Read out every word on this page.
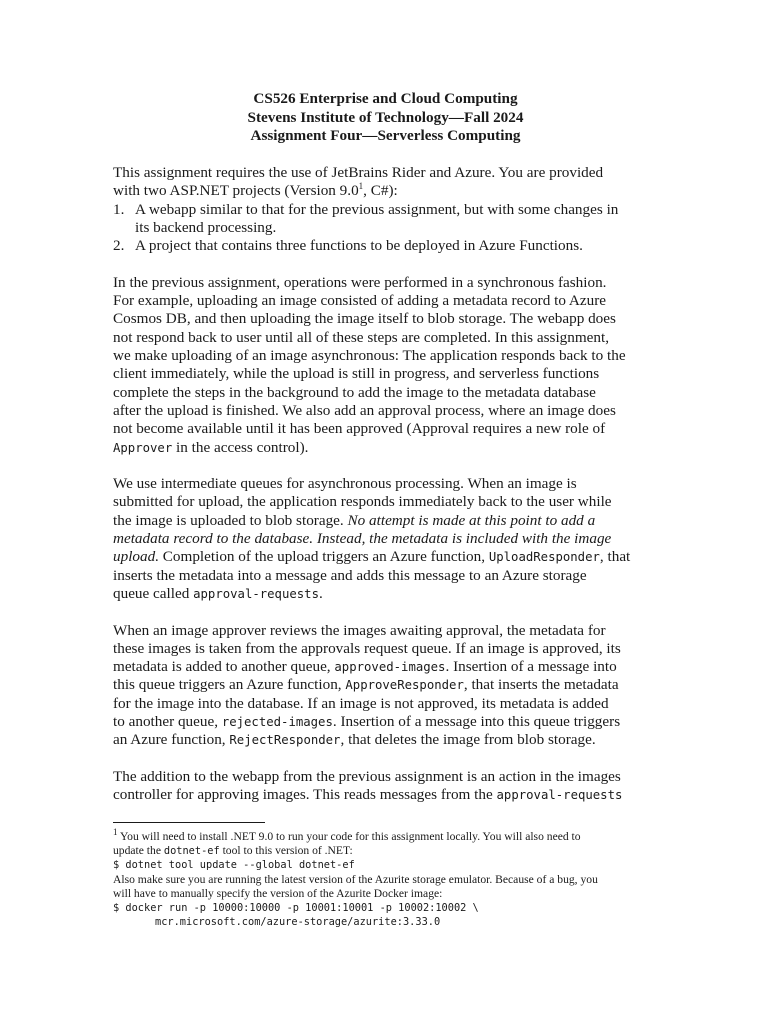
CS526 Enterprise and Cloud Computing
Stevens Institute of Technology—Fall 2024
Assignment Four—Serverless Computing

This assignment requires the use of JetBrains Rider and Azure. You are provided
with two ASP.NET projects (Version $9.0^1$, C#):

1. A webapp similar to that for the previous assignment, but with some changes in
its backend processing.
2. A project that contains three functions to be deployed in Azure Functions.

In the previous assignment, operations were performed in a synchronous fashion.
For example, uploading an image consisted of adding a metadata record to Azure
Cosmos DB, and then uploading the image itself to blob storage. The webapp does
not respond back to user until all of these steps are completed. In this assignment,
we make uploading of an image asynchronous: The application responds back to the
client immediately, while the upload is still in progress, and serverless functions
complete the steps in the background to add the image to the metadata database
after the upload is finished. We also add an approval process, where an image does
not become available until it has been approved (Approval requires a new role of
Approver in the access control).

We use intermediate queues for asynchronous processing. When an image is
submitted for upload, the application responds immediately back to the user while
the image is uploaded to blob storage. No attempt is made at this point to add a
metadata record to the database. Instead, the metadata is included with the image
upload. Completion of the upload triggers an Azure function, UploadResponder, that
inserts the metadata into a message and adds this message to an Azure storage
queue called approval-requests.

When an image approver reviews the images awaiting approval, the metadata for
these images is taken from the approvals request queue. If an image is approved, its
metadata is added to another queue, approved-images. Insertion of a message into
this queue triggers an Azure function, ApproveResponder, that inserts the metadata
for the image into the database. If an image is not approved, its metadata is added
to another queue, rejected-images. Insertion of a message into this queue triggers
an Azure function, RejectResponder, that deletes the image from blob storage.

The addition to the webapp from the previous assignment is an action in the images
controller for approving images. This reads messages from the approval-requests

$^1$ You will need to install .NET 9.0 to run your code for this assignment locally. You will also need to
update the dotnet-ef tool to this version of .NET:
$ dotnet tool update --global dotnet-ef
Also make sure you are running the latest version of the Azurite storage emulator. Because of a bug, you
will have to manually specify the version of the Azurite Docker image:
$ docker run -p 10000:10000 -p 10001:10001 -p 10002:10002 \
mcr.microsoft.com/azure-storage/azurite:3.33.0
